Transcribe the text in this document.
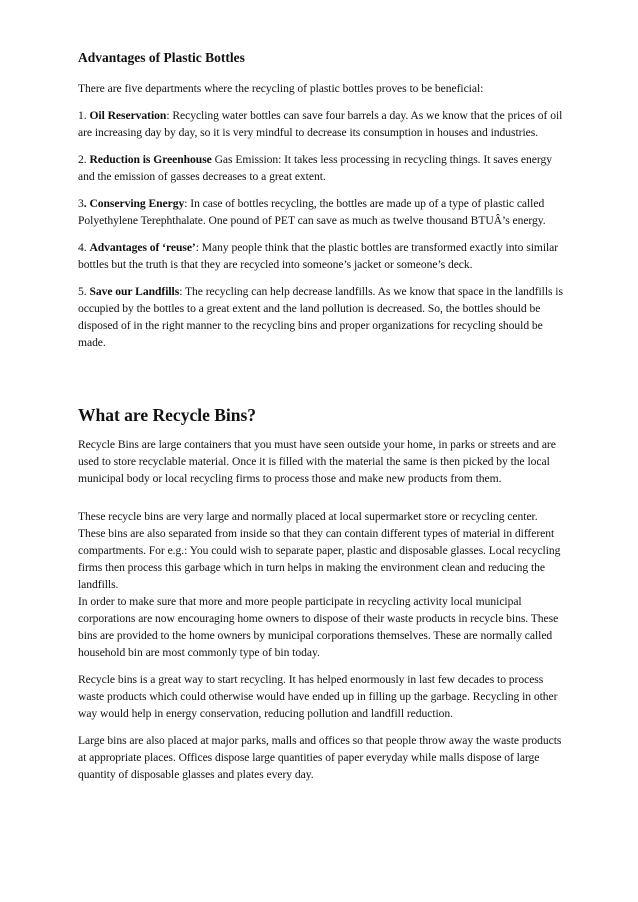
Advantages of Plastic Bottles

There are five departments where the recycling of plastic bottles proves to be beneficial:

1. Oil Reservation: Recycling water bottles can save four barrels a day. As we know that the prices of oil are increasing day by day, so it is very mindful to decrease its consumption in houses and industries.

2. Reduction is Greenhouse Gas Emission: It takes less processing in recycling things. It saves energy and the emission of gasses decreases to a great extent.

3. Conserving Energy: In case of bottles recycling, the bottles are made up of a type of plastic called Polyethylene Terephthalate. One pound of PET can save as much as twelve thousand BTUÂ’s energy.

4. Advantages of ‘reuse’: Many people think that the plastic bottles are transformed exactly into similar bottles but the truth is that they are recycled into someone’s jacket or someone’s deck.

5. Save our Landfills: The recycling can help decrease landfills. As we know that space in the landfills is occupied by the bottles to a great extent and the land pollution is decreased. So, the bottles should be disposed of in the right manner to the recycling bins and proper organizations for recycling should be made.

What are Recycle Bins?

Recycle Bins are large containers that you must have seen outside your home, in parks or streets and are used to store recyclable material. Once it is filled with the material the same is then picked by the local municipal body or local recycling firms to process those and make new products from them.

These recycle bins are very large and normally placed at local supermarket store or recycling center. These bins are also separated from inside so that they can contain different types of material in different compartments. For e.g.: You could wish to separate paper, plastic and disposable glasses. Local recycling firms then process this garbage which in turn helps in making the environment clean and reducing the landfills.

In order to make sure that more and more people participate in recycling activity local municipal corporations are now encouraging home owners to dispose of their waste products in recycle bins. These bins are provided to the home owners by municipal corporations themselves. These are normally called household bin are most commonly type of bin today.

Recycle bins is a great way to start recycling. It has helped enormously in last few decades to process waste products which could otherwise would have ended up in filling up the garbage. Recycling in other way would help in energy conservation, reducing pollution and landfill reduction.

Large bins are also placed at major parks, malls and offices so that people throw away the waste products at appropriate places. Offices dispose large quantities of paper everyday while malls dispose of large quantity of disposable glasses and plates every day.
